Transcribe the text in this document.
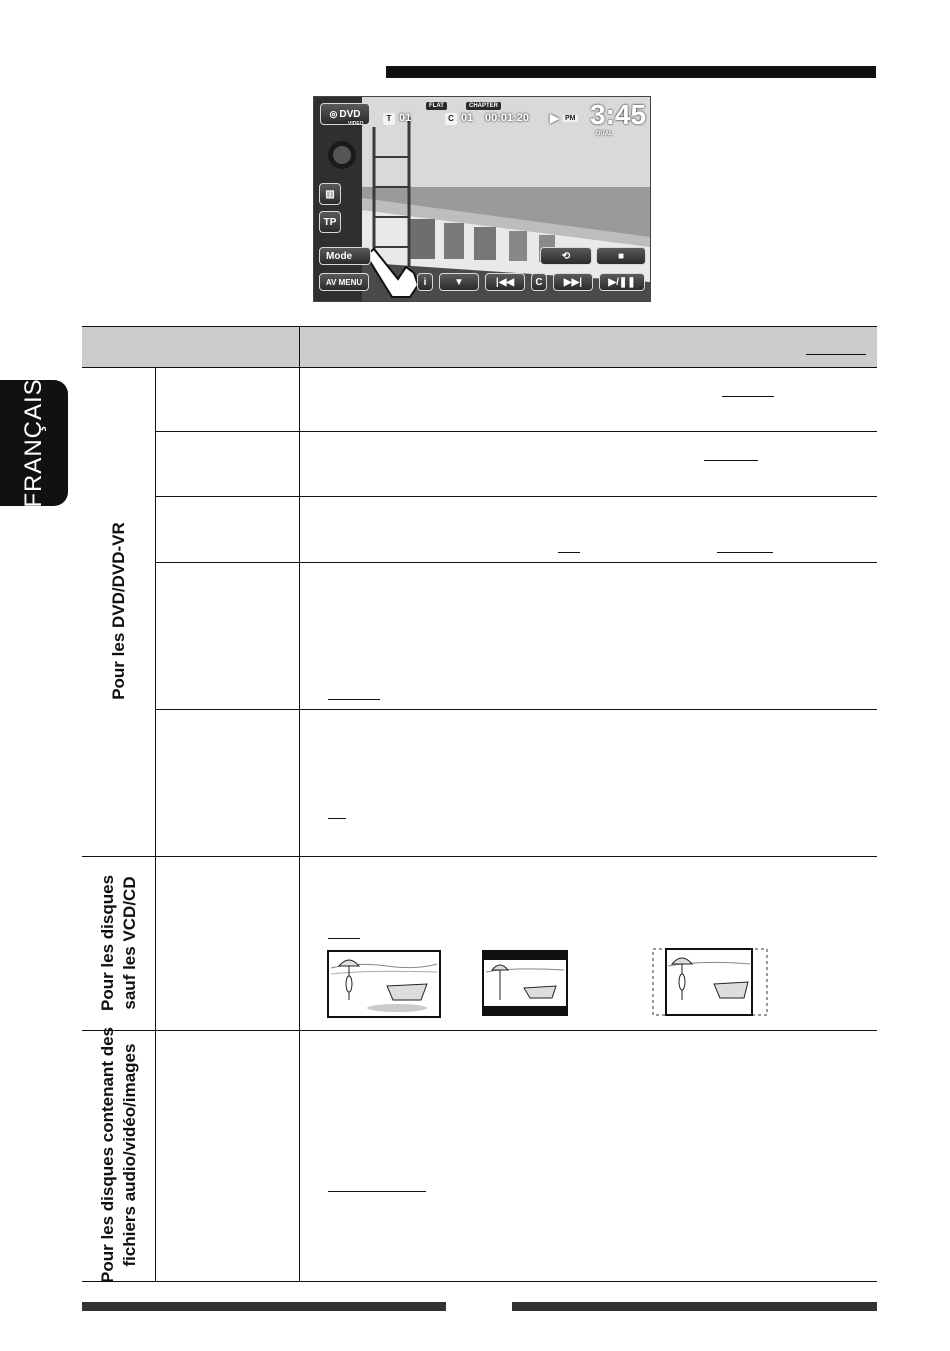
FRANÇAIS
◎ DVD
VIDEO
T 01
FLAT	CHAPTER
C 01 00:01:20 ▶ PM 3:45
DUAL
▥
TP
Mode
AV MENU	i	▼	|◀◀ C ▶▶|	▶/❚❚
⟲	■
Pour les DVD/DVD-VR
Pour les disques sauf les VCD/CD
Pour les disques contenant des fichiers audio/vidéo/images
